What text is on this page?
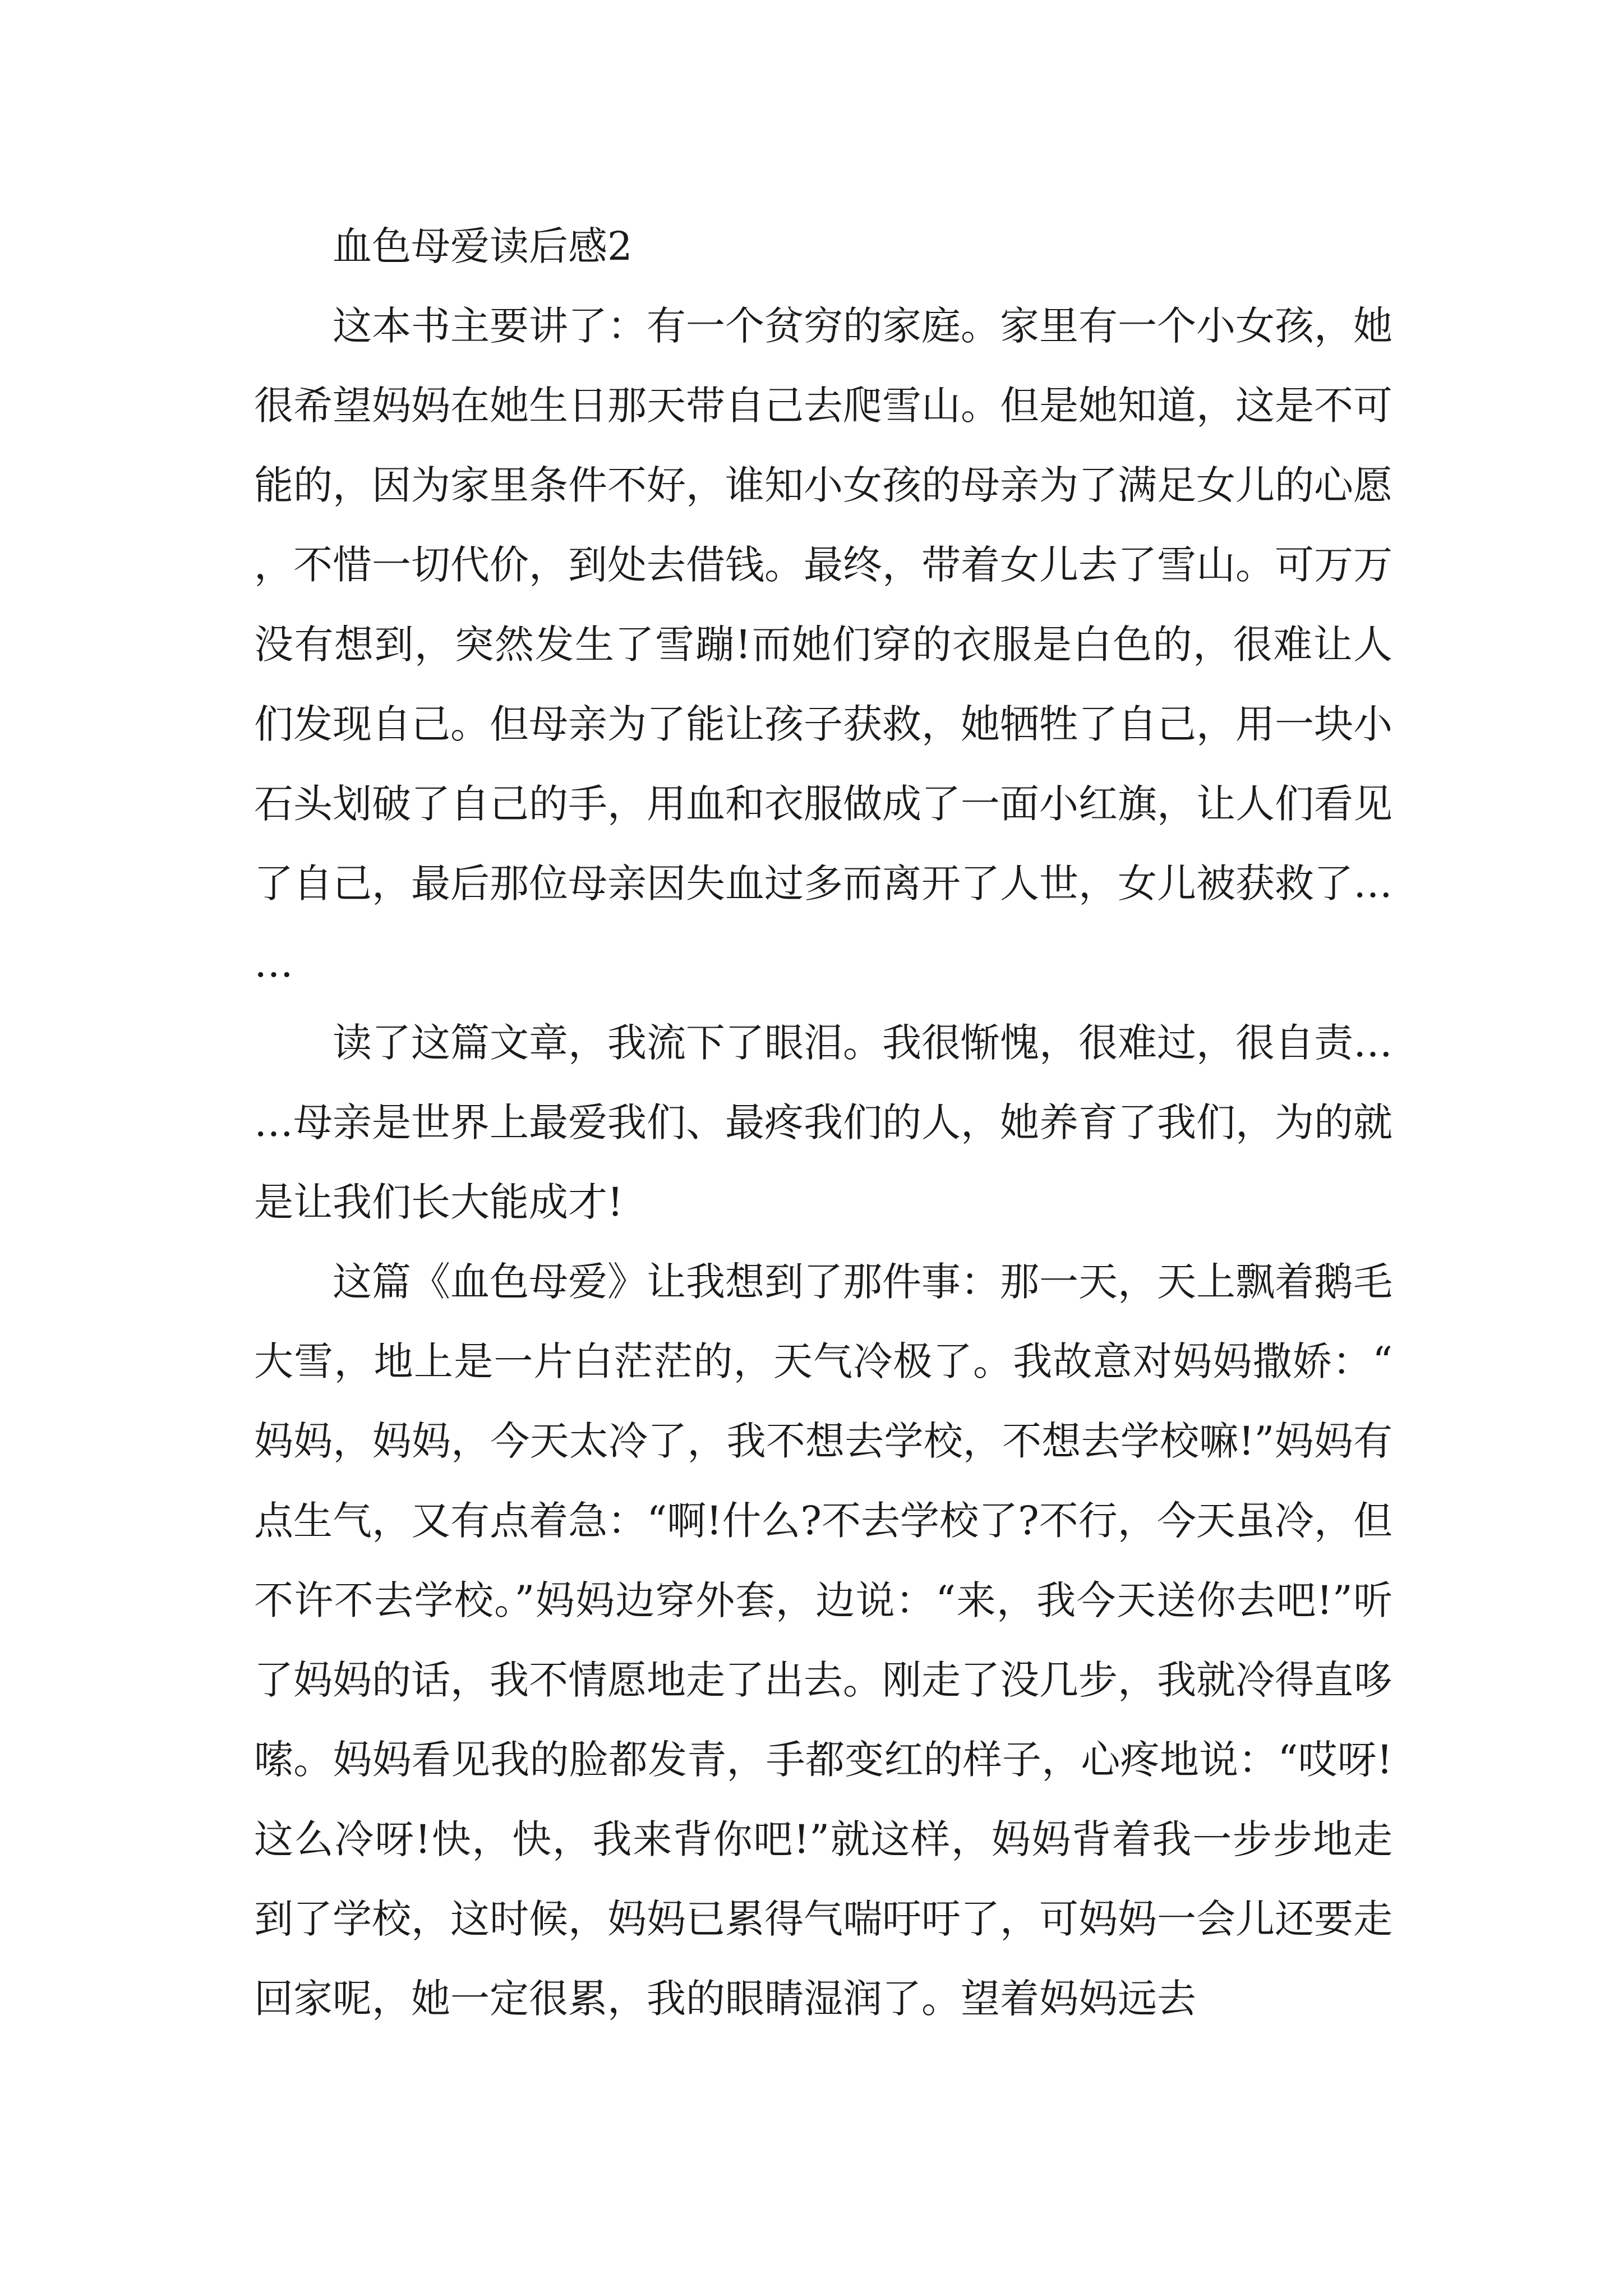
血色母爱读后感2

这本书主要讲了：有一个贫穷的家庭。家里有一个小女孩，她很希望妈妈在她生日那天带自己去爬雪山。但是她知道，这是不可能的，因为家里条件不好，谁知小女孩的母亲为了满足女儿的心愿，不惜一切代价，到处去借钱。最终，带着女儿去了雪山。可万万没有想到，突然发生了雪蹦!而她们穿的衣服是白色的，很难让人们发现自己。但母亲为了能让孩子获救，她牺牲了自己，用一块小石头划破了自己的手，用血和衣服做成了一面小红旗，让人们看见了自己，最后那位母亲因失血过多而离开了人世，女儿被获救了……

读了这篇文章，我流下了眼泪。我很惭愧，很难过，很自责……母亲是世界上最爱我们、最疼我们的人，她养育了我们，为的就是让我们长大能成才!

这篇《血色母爱》让我想到了那件事：那一天，天上飘着鹅毛大雪，地上是一片白茫茫的，天气冷极了。我故意对妈妈撒娇：“妈妈，妈妈，今天太冷了，我不想去学校，不想去学校嘛!”妈妈有点生气，又有点着急：“啊!什么?不去学校了?不行，今天虽冷，但不许不去学校。”妈妈边穿外套，边说：“来，我今天送你去吧!”听了妈妈的话，我不情愿地走了出去。刚走了没几步，我就冷得直哆嗦。妈妈看见我的脸都发青，手都变红的样子，心疼地说：“哎呀!这么冷呀!快，快，我来背你吧!”就这样，妈妈背着我一步步地走到了学校，这时候，妈妈已累得气喘吁吁了，可妈妈一会儿还要走回家呢，她一定很累，我的眼睛湿润了。望着妈妈远去
